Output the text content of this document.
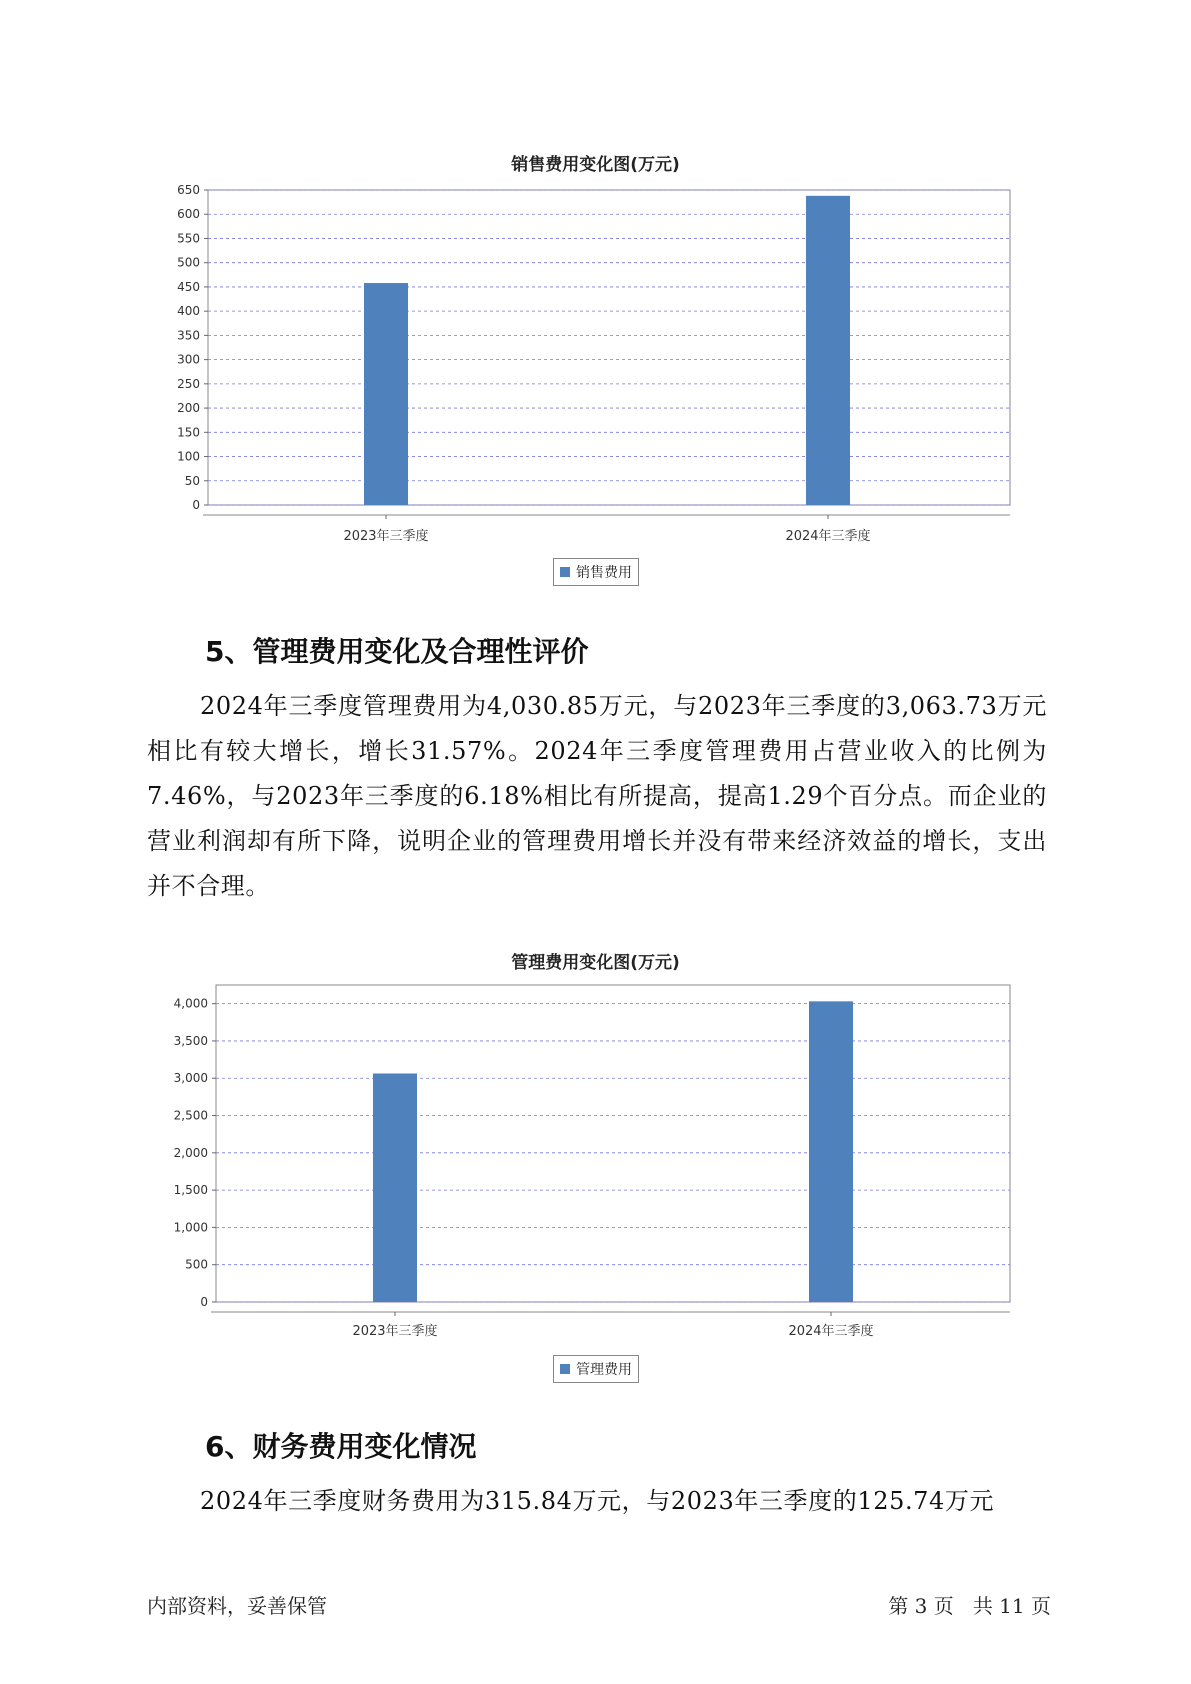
销售费用变化图(万元)
0
50
100
150
200
250
300
350
400
450
500
550
600
650
2023年三季度	2024年三季度
销售费用
5、管理费用变化及合理性评价
2024年三季度管理费用为4,030.85万元，与2023年三季度的3,063.73万元相比有较大增长，增长31.57%。2024年三季度管理费用占营业收入的比例为7.46%，与2023年三季度的6.18%相比有所提高，提高1.29个百分点。而企业的营业利润却有所下降，说明企业的管理费用增长并没有带来经济效益的增长，支出并不合理。
管理费用变化图(万元)
0
500
1,000
1,500
2,000
2,500
3,000
3,500
4,000
2023年三季度	2024年三季度
管理费用
6、财务费用变化情况
2024年三季度财务费用为315.84万元，与2023年三季度的125.74万元
内部资料，妥善保管	第 3 页   共 11 页
